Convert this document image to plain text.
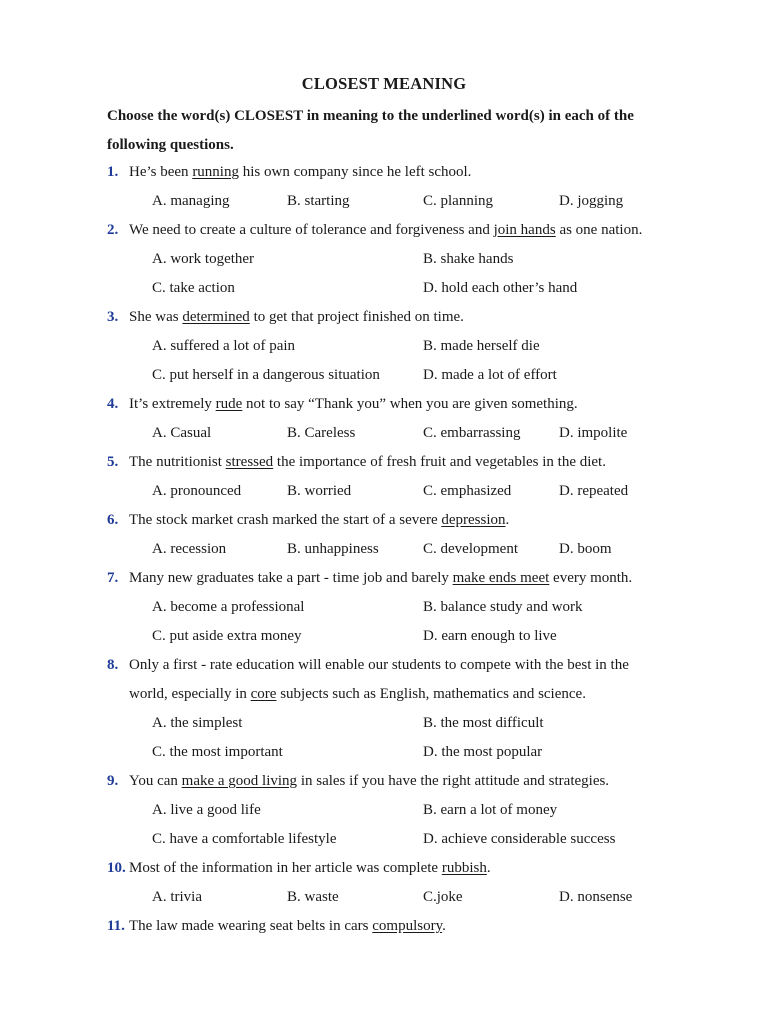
CLOSEST MEANING
Choose the word(s) CLOSEST in meaning to the underlined word(s) in each of the
following questions.
1. He’s been running his own company since he left school.
A. managing	B. starting	C. planning	D. jogging
2. We need to create a culture of tolerance and forgiveness and join hands as one nation.
A. work together	B. shake hands
C. take action	D. hold each other’s hand
3. She was determined to get that project finished on time.
A. suffered a lot of pain	B. made herself die
C. put herself in a dangerous situation	D. made a lot of effort
4. It’s extremely rude not to say “Thank you” when you are given something.
A. Casual	B. Careless	C. embarrassing	D. impolite
5. The nutritionist stressed the importance of fresh fruit and vegetables in the diet.
A. pronounced	B. worried	C. emphasized	D. repeated
6. The stock market crash marked the start of a severe depression.
A. recession	B. unhappiness	C. development	D. boom
7. Many new graduates take a part - time job and barely make ends meet every month.
A. become a professional	B. balance study and work
C. put aside extra money	D. earn enough to live
8. Only a first - rate education will enable our students to compete with the best in the
world, especially in core subjects such as English, mathematics and science.
A. the simplest	B. the most difficult
C. the most important	D. the most popular
9. You can make a good living in sales if you have the right attitude and strategies.
A. live a good life	B. earn a lot of money
C. have a comfortable lifestyle	D. achieve considerable success
10. Most of the information in her article was complete rubbish.
A. trivia	B. waste	C.joke	D. nonsense
11. The law made wearing seat belts in cars compulsory.
